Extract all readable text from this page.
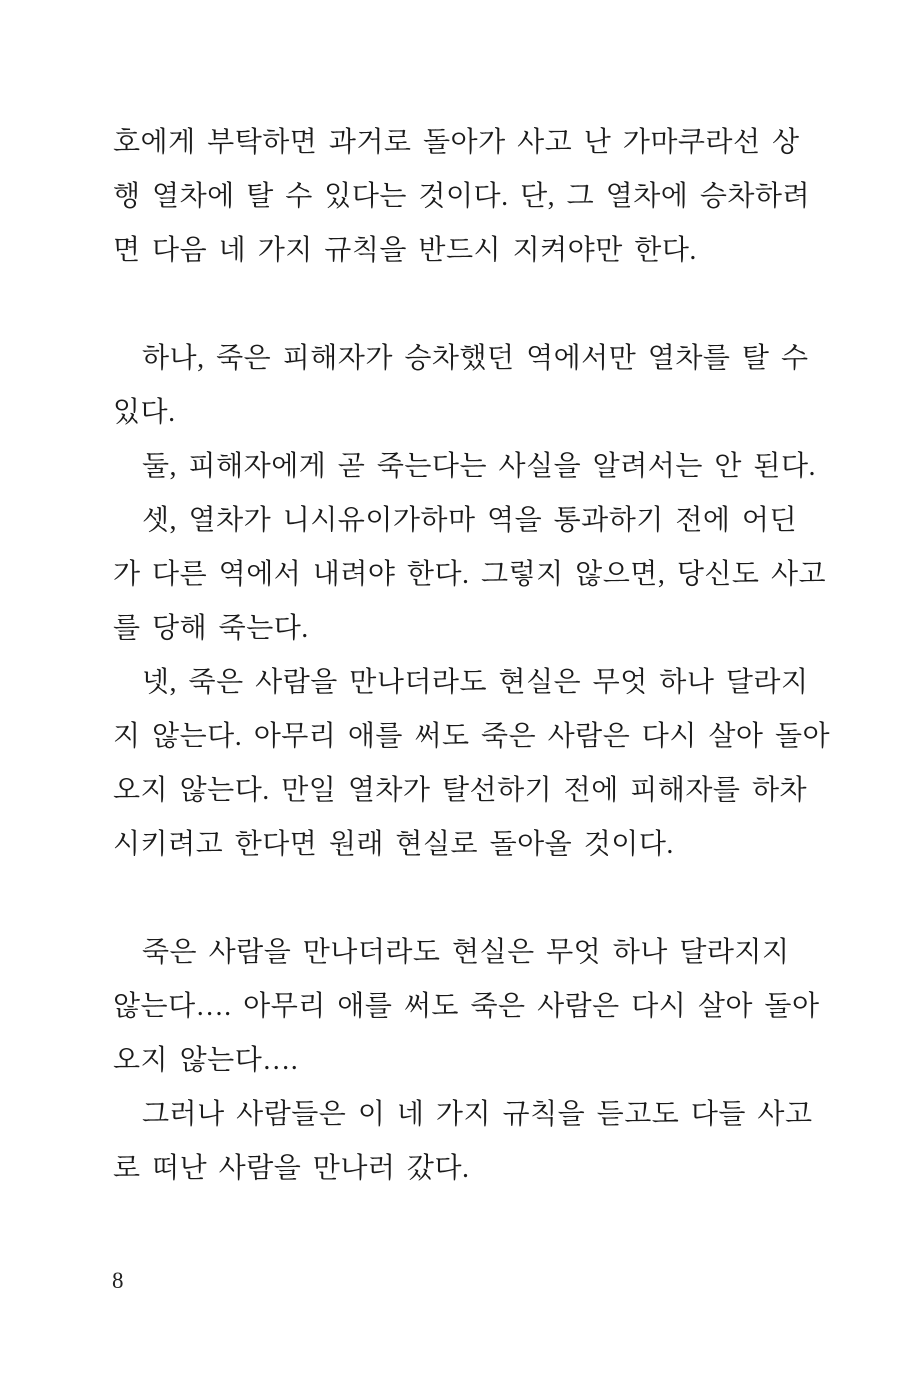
호에게 부탁하면 과거로 돌아가 사고 난 가마쿠라선 상

행 열차에 탈 수 있다는 것이다. 단, 그 열차에 승차하려

면 다음 네 가지 규칙을 반드시 지켜야만 한다.

하나, 죽은 피해자가 승차했던 역에서만 열차를 탈 수

있다.

둘, 피해자에게 곧 죽는다는 사실을 알려서는 안 된다.

셋, 열차가 니시유이가하마 역을 통과하기 전에 어딘

가 다른 역에서 내려야 한다. 그렇지 않으면, 당신도 사고

를 당해 죽는다.

넷, 죽은 사람을 만나더라도 현실은 무엇 하나 달라지

지 않는다. 아무리 애를 써도 죽은 사람은 다시 살아 돌아

오지 않는다. 만일 열차가 탈선하기 전에 피해자를 하차

시키려고 한다면 원래 현실로 돌아올 것이다.

죽은 사람을 만나더라도 현실은 무엇 하나 달라지지

않는다…. 아무리 애를 써도 죽은 사람은 다시 살아 돌아

오지 않는다….

그러나 사람들은 이 네 가지 규칙을 듣고도 다들 사고

로 떠난 사람을 만나러 갔다.

8
